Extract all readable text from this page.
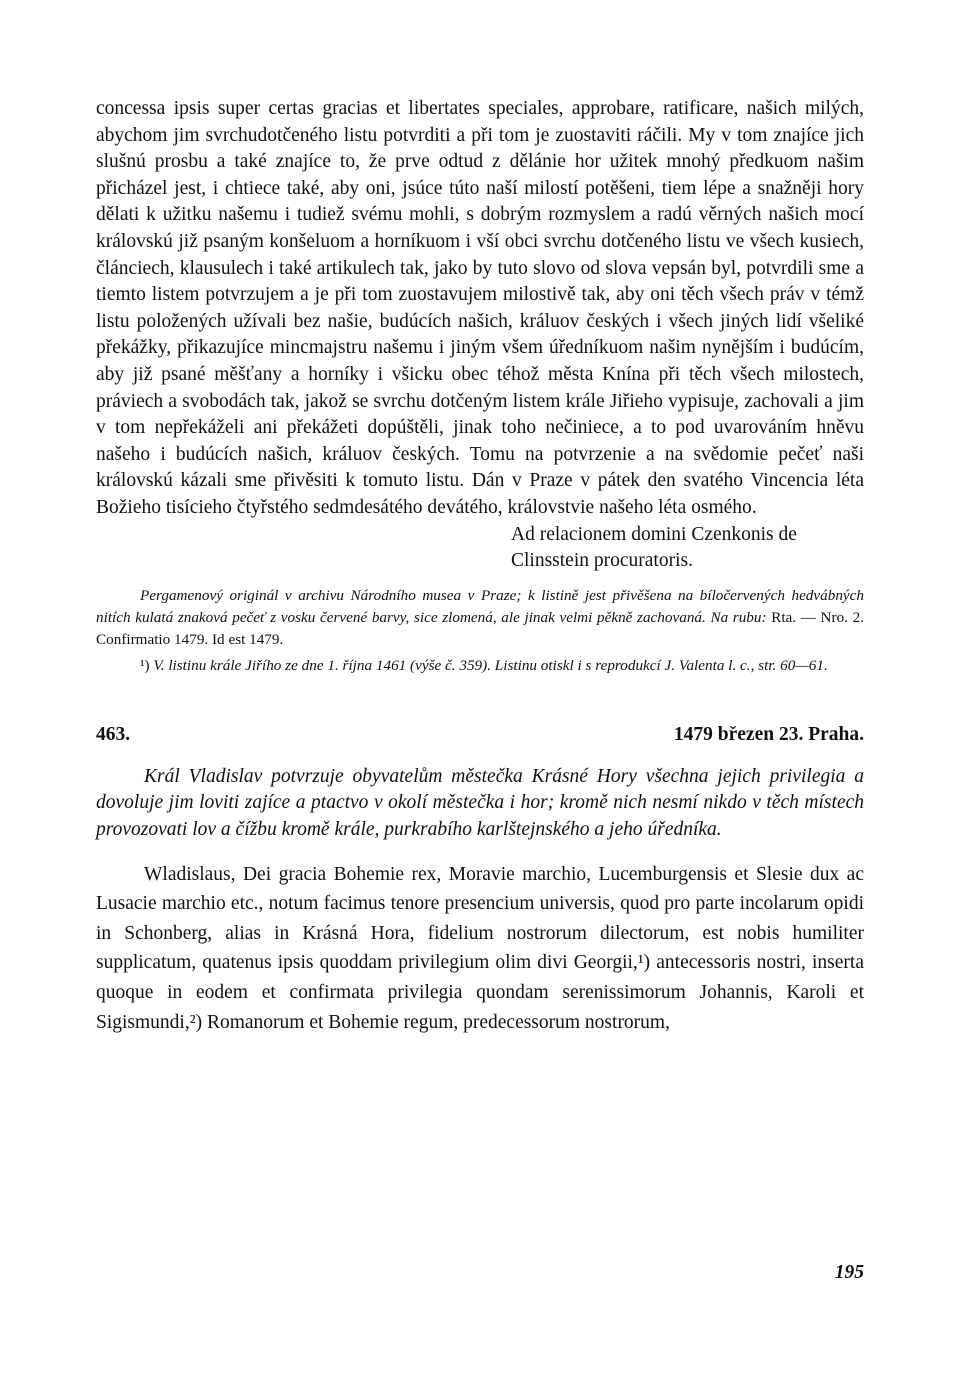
concessa ipsis super certas gracias et libertates speciales, approbare, ratificare, našich milých, abychom jim svrchudotčeného listu potvrditi a při tom je zuostaviti ráčili. My v tom znajíce jich slušnú prosbu a také znajíce to, že prve odtud z dělánie hor užitek mnohý předkuom našim přicházel jest, i chtiece také, aby oni, jsúce túto naší milostí potěšeni, tiem lépe a snažněji hory dělati k užitku našemu i tudiež svému mohli, s dobrým rozmyslem a radú věrných našich mocí královskú již psaným konšeluom a horníkuom i vší obci svrchu dotčeného listu ve všech kusiech, článciech, klausulech i také artikulech tak, jako by tuto slovo od slova vepsán byl, potvrdili sme a tiemto listem potvrzujem a je při tom zuostavujem milostivě tak, aby oni těch všech práv v témž listu položených užívali bez našie, budúcích našich, králuov českých i všech jiných lidí všeliké překážky, přikazujíce mincmajstru našemu i jiným všem úředníkuom našim nynějším i budúcím, aby již psané měšťany a horníky i všicku obec téhož města Knína při těch všech milostech, práviech a svobodách tak, jakož se svrchu dotčeným listem krále Jiřieho vypisuje, zachovali a jim v tom nepřekáželi ani překážeti dopúštěli, jinak toho nečiniece, a to pod uvarováním hněvu našeho i budúcích našich, králuov českých. Tomu na potvrzenie a na svědomie pečeť naši královskú kázali sme přivěsiti k tomuto listu. Dán v Praze v pátek den svatého Vincencia léta Božieho tisícieho čtyřstého sedmdesátého devátého, královstvie našeho léta osmého.

Ad relacionem domini Czenkonis de
Clinsstein procuratoris.

Pergamenový originál v archivu Národního musea v Praze; k listině jest přivěšena na bíločervených hedvábných nitích kulatá znaková pečeť z vosku červené barvy, sice zlomená, ale jinak velmi pěkně zachovaná. Na rubu: Rta. — Nro. 2. Confirmatio 1479. Id est 1479.

¹) V. listinu krále Jiřího ze dne 1. října 1461 (výše č. 359). Listinu otiskl i s reprodukcí J. Valenta l. c., str. 60—61.

463.	1479 březen 23. Praha.

Král Vladislav potvrzuje obyvatelům městečka Krásné Hory všechna jejich privilegia a dovoluje jim loviti zajíce a ptactvo v okolí městečka i hor; kromě nich nesmí nikdo v těch místech provozovati lov a čížbu kromě krále, purkrabího karlštejnského a jeho úředníka.

Wladislaus, Dei gracia Bohemie rex, Moravie marchio, Lucemburgensis et Slesie dux ac Lusacie marchio etc., notum facimus tenore presencium universis, quod pro parte incolarum opidi in Schonberg, alias in Krásná Hora, fidelium nostrorum dilectorum, est nobis humiliter supplicatum, quatenus ipsis quoddam privilegium olim divi Georgii,¹) antecessoris nostri, inserta quoque in eodem et confirmata privilegia quondam serenissimorum Johannis, Karoli et Sigismundi,²) Romanorum et Bohemie regum, predecessorum nostrorum,

195
